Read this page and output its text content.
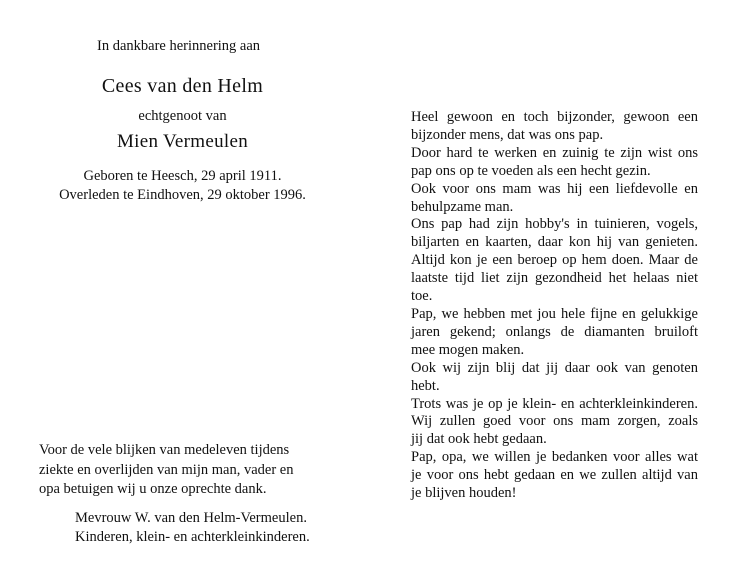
In dankbare herinnering aan
Cees van den Helm
echtgenoot van
Mien Vermeulen
Geboren te Heesch, 29 april 1911.
Overleden te Eindhoven, 29 oktober 1996.
Voor de vele blijken van medeleven tijdens
ziekte en overlijden van mijn man, vader en
opa betuigen wij u onze oprechte dank.
Mevrouw W. van den Helm-Vermeulen.
Kinderen, klein- en achterkleinkinderen.
Heel gewoon en toch bijzonder, gewoon een
bijzonder mens, dat was ons pap.
Door hard te werken en zuinig te zijn wist ons
pap ons op te voeden als een hecht gezin.
Ook voor ons mam was hij een liefdevolle en
behulpzame man.
Ons pap had zijn hobby's in tuinieren, vogels,
biljarten en kaarten, daar kon hij van genieten.
Altijd kon je een beroep op hem doen. Maar de
laatste tijd liet zijn gezondheid het helaas niet
toe.
Pap, we hebben met jou hele fijne en gelukkige
jaren gekend; onlangs de diamanten bruiloft
mee mogen maken.
Ook wij zijn blij dat jij daar ook van genoten
hebt.
Trots was je op je klein- en achterkleinkinderen.
Wij zullen goed voor ons mam zorgen, zoals
jij dat ook hebt gedaan.
Pap, opa, we willen je bedanken voor alles wat
je voor ons hebt gedaan en we zullen altijd van
je blijven houden!
